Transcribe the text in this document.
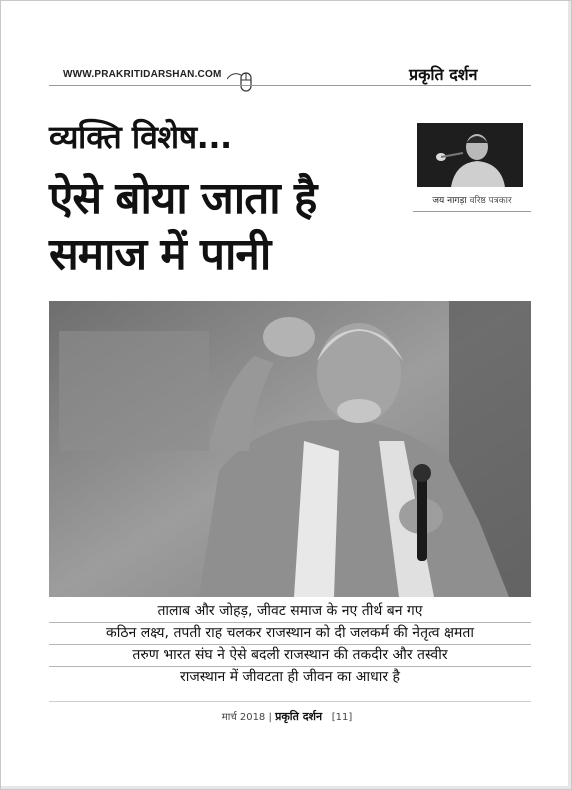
WWW.PRAKRITIDARSHAN.COM	प्रकृति दर्शन
व्यक्ति विशेष...
ऐसे बोया जाता है
समाज में पानी
जय नागड़ा वरिष्ठ पत्रकार
तालाब और जोहड़, जीवट समाज के नए तीर्थ बन गए
कठिन लक्ष्य, तपती राह चलकर राजस्थान को दी जलकर्म की नेतृत्व क्षमता
तरुण भारत संघ ने ऐसे बदली राजस्थान की तकदीर और तस्वीर
राजस्थान में जीवटता ही जीवन का आधार है
मार्च 2018 | प्रकृति दर्शन [11]
